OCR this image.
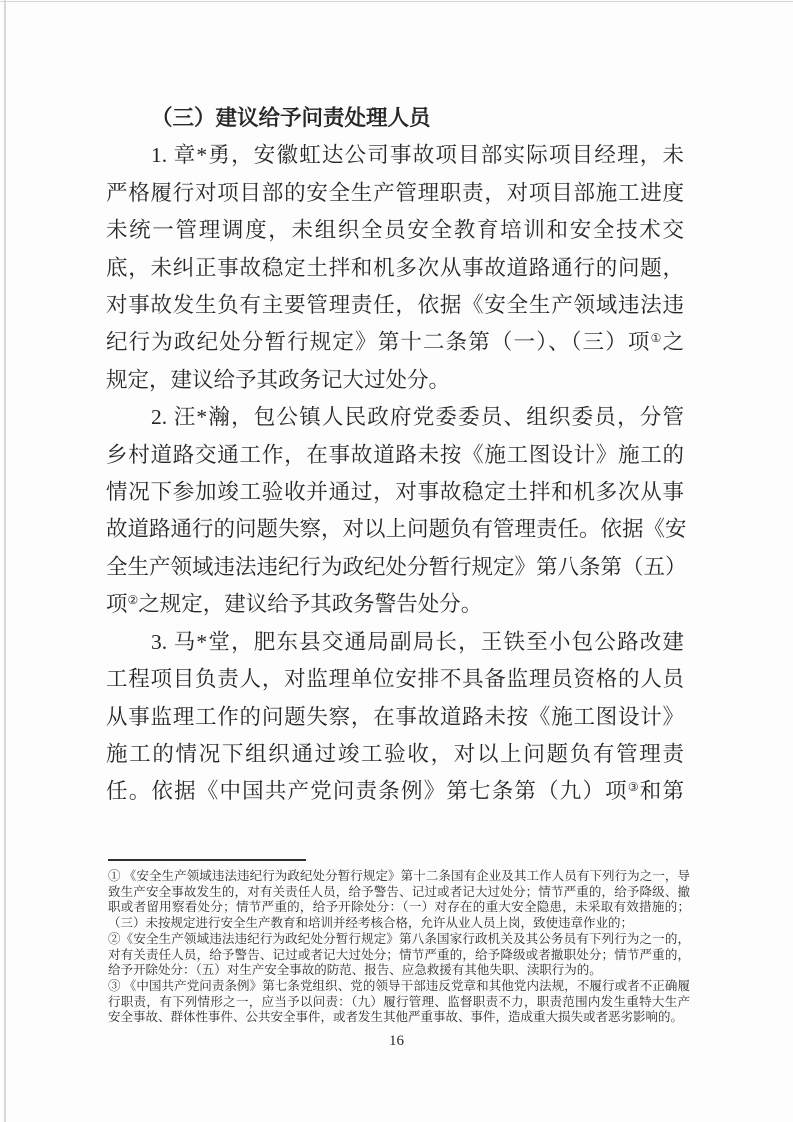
（三）建议给予问责处理人员
1. 章*勇，安徽虹达公司事故项目部实际项目经理，未
严格履行对项目部的安全生产管理职责，对项目部施工进度
未统一管理调度，未组织全员安全教育培训和安全技术交
底，未纠正事故稳定土拌和机多次从事故道路通行的问题，
对事故发生负有主要管理责任，依据《安全生产领域违法违
纪行为政纪处分暂行规定》第十二条第（一）、（三）项①之
规定，建议给予其政务记大过处分。
2. 汪*瀚，包公镇人民政府党委委员、组织委员，分管
乡村道路交通工作，在事故道路未按《施工图设计》施工的
情况下参加竣工验收并通过，对事故稳定土拌和机多次从事
故道路通行的问题失察，对以上问题负有管理责任。依据《安
全生产领域违法违纪行为政纪处分暂行规定》第八条第（五）
项②之规定，建议给予其政务警告处分。
3. 马*堂，肥东县交通局副局长，王铁至小包公路改建
工程项目负责人，对监理单位安排不具备监理员资格的人员
从事监理工作的问题失察，在事故道路未按《施工图设计》
施工的情况下组织通过竣工验收，对以上问题负有管理责
任。依据《中国共产党问责条例》第七条第（九）项③和第
① 《安全生产领域违法违纪行为政纪处分暂行规定》第十二条国有企业及其工作人员有下列行为之一，导
致生产安全事故发生的，对有关责任人员，给予警告、记过或者记大过处分；情节严重的，给予降级、撤
职或者留用察看处分；情节严重的，给予开除处分：（一）对存在的重大安全隐患，未采取有效措施的；
（三）未按规定进行安全生产教育和培训并经考核合格，允许从业人员上岗，致使违章作业的；
②《安全生产领域违法违纪行为政纪处分暂行规定》第八条国家行政机关及其公务员有下列行为之一的，
对有关责任人员，给予警告、记过或者记大过处分；情节严重的，给予降级或者撤职处分；情节严重的，
给予开除处分：（五）对生产安全事故的防范、报告、应急救援有其他失职、渎职行为的。
③ 《中国共产党问责条例》第七条党组织、党的领导干部违反党章和其他党内法规，不履行或者不正确履
行职责，有下列情形之一，应当予以问责：（九）履行管理、监督职责不力，职责范围内发生重特大生产
安全事故、群体性事件、公共安全事件，或者发生其他严重事故、事件，造成重大损失或者恶劣影响的。
16
